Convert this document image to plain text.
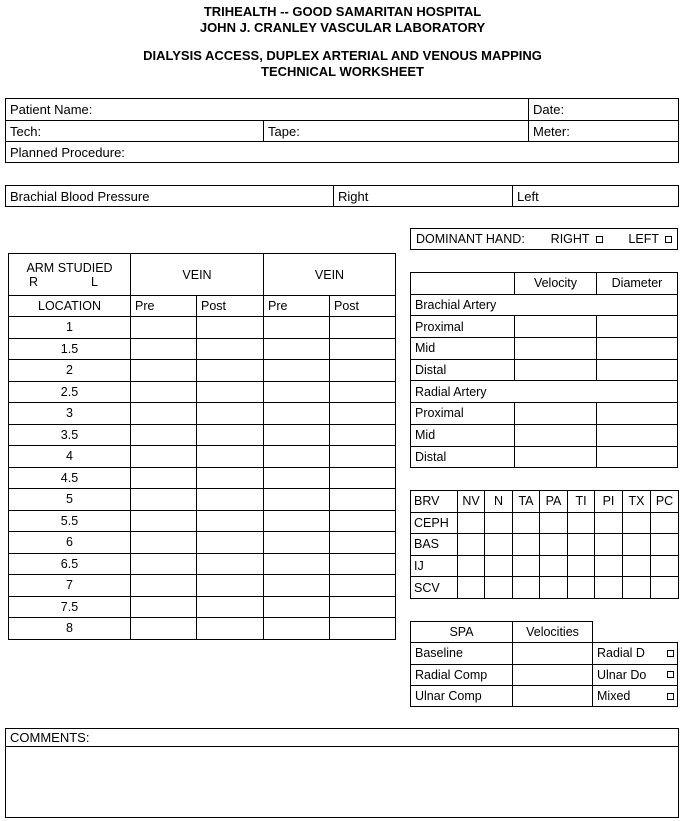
TRIHEALTH -- GOOD SAMARITAN HOSPITAL
JOHN J. CRANLEY VASCULAR LABORATORY
DIALYSIS ACCESS, DUPLEX ARTERIAL AND VENOUS MAPPING
TECHNICAL WORKSHEET
Patient Name:	Date:
Tech:	Tape:	Meter:
Planned Procedure:
Brachial Blood Pressure	Right	Left
DOMINANT HAND: RIGHT	LEFT
ARM STUDIED
R L	VEIN		VEIN	
LOCATION	Pre	Post	Pre	Post
1				
1.5				
2				
2.5				
3				
3.5				
4				
4.5				
5				
5.5				
6				
6.5				
7				
7.5				
8				
	Velocity	Diameter
Brachial Artery		
Proximal		
Mid		
Distal		
Radial Artery		
Proximal		
Mid		
Distal		
BRV	NV	N	TA	PA	TI	PI	TX	PC
CEPH								
BAS								
IJ								
SCV								
SPA	Velocities	
Baseline		Radial D

Radial Comp		Ulnar Do

Ulnar Comp		Mixed
COMMENTS:
